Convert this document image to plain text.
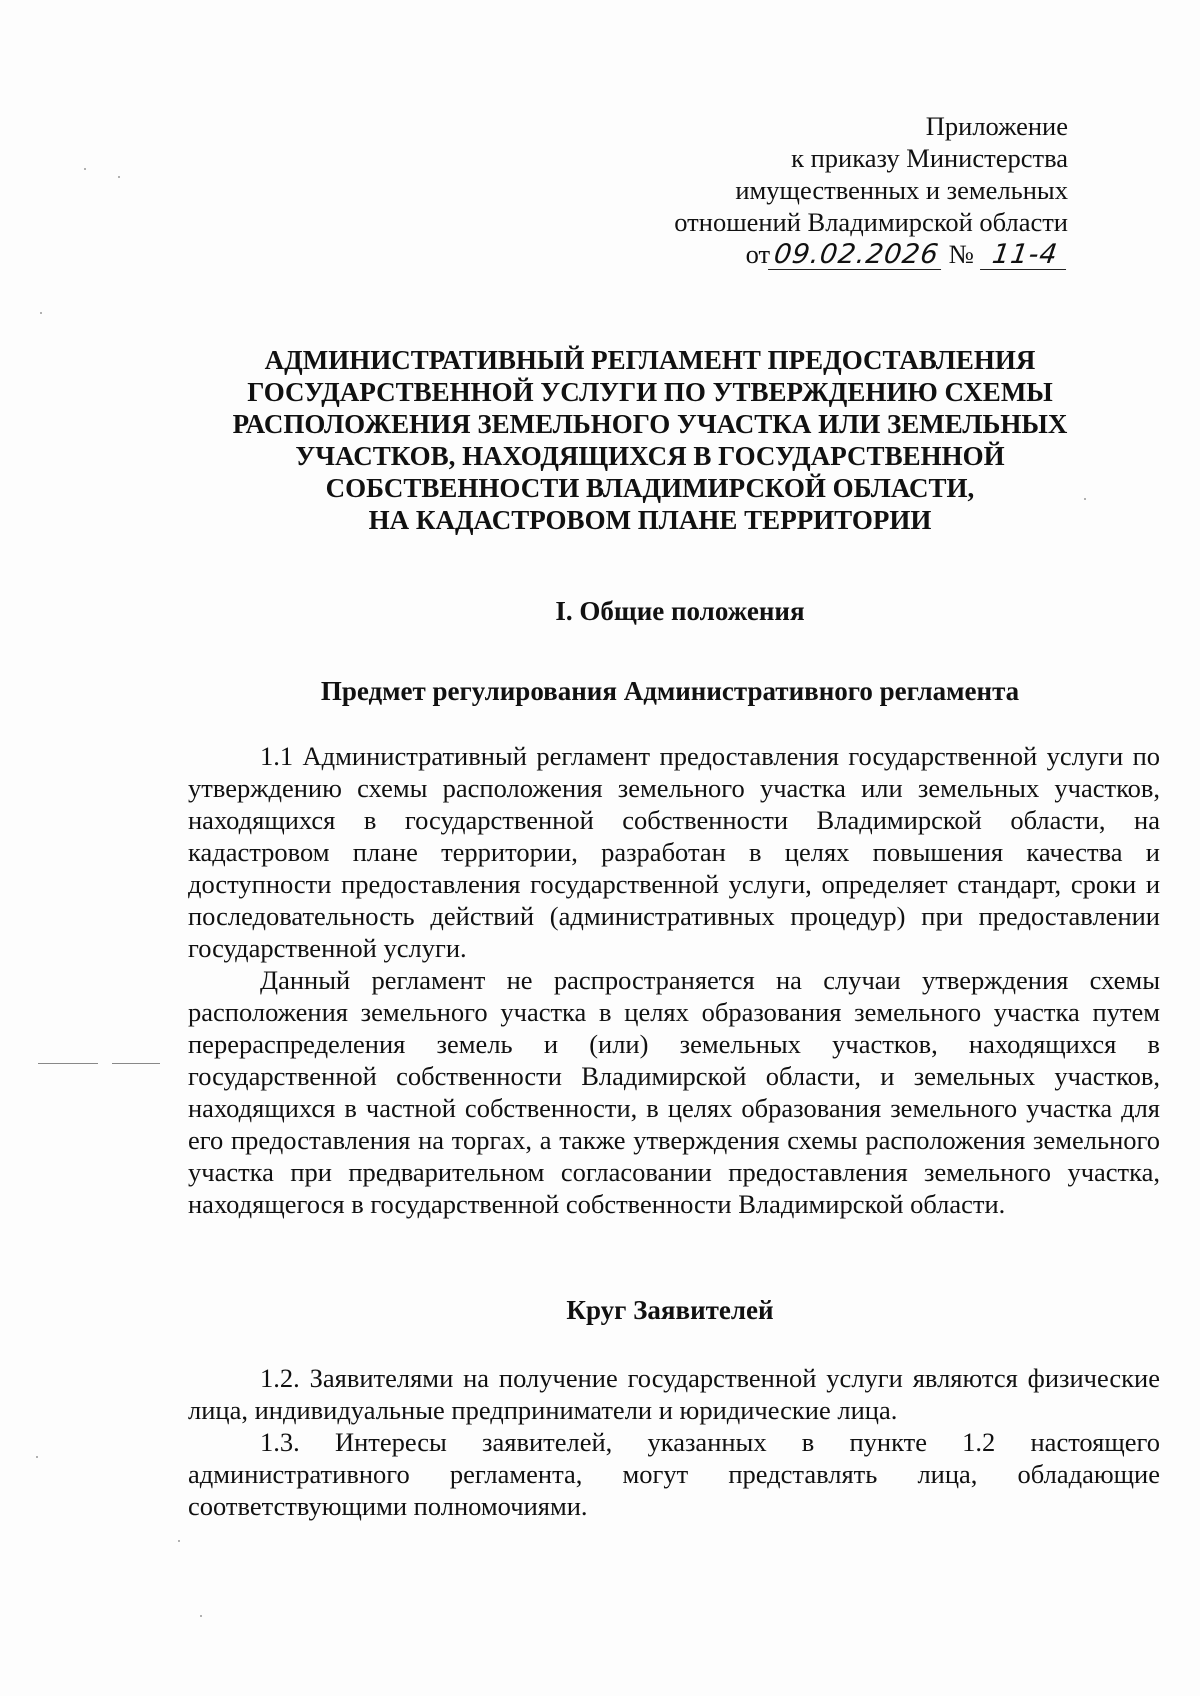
Приложение
к приказу Министерства
имущественных и земельных
отношений Владимирской области
от09.02.2026 № 11-4
АДМИНИСТРАТИВНЫЙ РЕГЛАМЕНТ ПРЕДОСТАВЛЕНИЯ
ГОСУДАРСТВЕННОЙ УСЛУГИ ПО УТВЕРЖДЕНИЮ СХЕМЫ
РАСПОЛОЖЕНИЯ ЗЕМЕЛЬНОГО УЧАСТКА ИЛИ ЗЕМЕЛЬНЫХ
УЧАСТКОВ, НАХОДЯЩИХСЯ В ГОСУДАРСТВЕННОЙ
СОБСТВЕННОСТИ ВЛАДИМИРСКОЙ ОБЛАСТИ,
НА КАДАСТРОВОМ ПЛАНЕ ТЕРРИТОРИИ
I. Общие положения
Предмет регулирования Административного регламента

1.1 Административный регламент предоставления государственной услуги по утверждению схемы расположения земельного участка или земельных участков, находящихся в государственной собственности Владимирской области, на кадастровом плане территории, разработан в целях повышения качества и доступности предоставления государственной услуги, определяет стандарт, сроки и последовательность действий (административных процедур) при предоставлении государственной услуги.

Данный регламент не распространяется на случаи утверждения схемы расположения земельного участка в целях образования земельного участка путем перераспределения земель и (или) земельных участков, находящихся в государственной собственности Владимирской области, и земельных участков, находящихся в частной собственности, в целях образования земельного участка для его предоставления на торгах, а также утверждения схемы расположения земельного участка при предварительном согласовании предоставления земельного участка, находящегося в государственной собственности Владимирской области.

Круг Заявителей

1.2. Заявителями на получение государственной услуги являются физические лица, индивидуальные предприниматели и юридические лица.

1.3. Интересы заявителей, указанных в пункте 1.2 настоящего административного регламента, могут представлять лица, обладающие соответствующими полномочиями.
